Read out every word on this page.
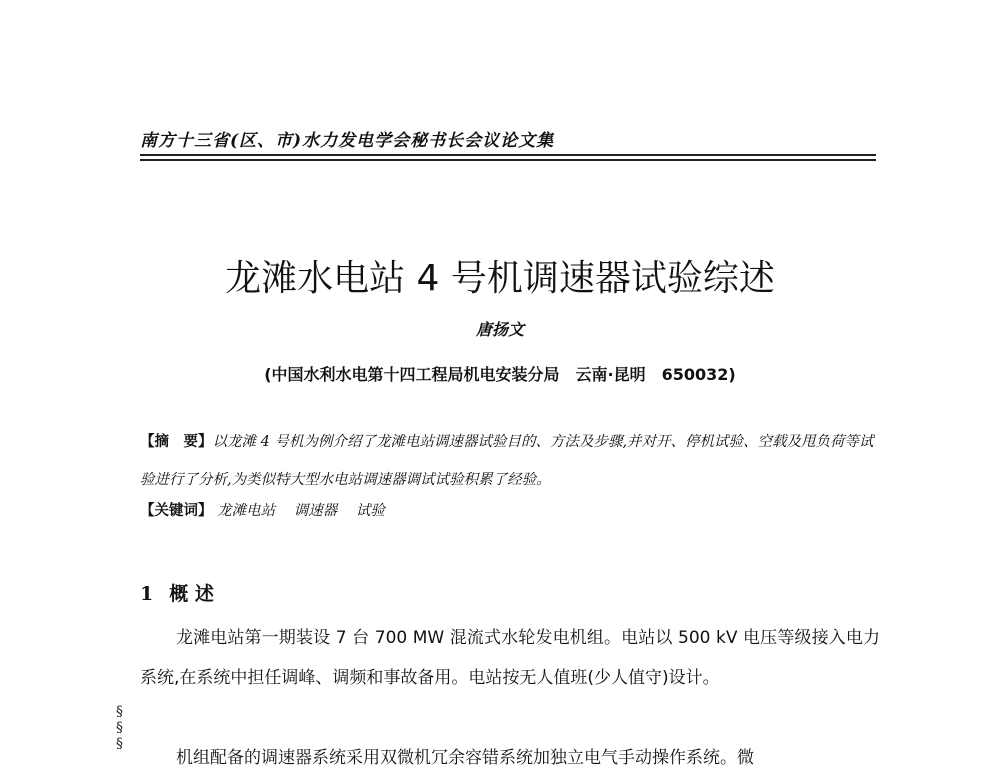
南方十三省(区、市)水力发电学会秘书长会议论文集
龙滩水电站 4 号机调速器试验综述
唐扬文
(中国水利水电第十四工程局机电安装分局　云南·昆明　650032)
【摘　要】以龙滩 4 号机为例介绍了龙滩电站调速器试验目的、方法及步骤,并对开、停机试验、空载及甩负荷等试验进行了分析,为类似特大型水电站调速器调试试验积累了经验。
【关键词】 龙滩电站 调速器 试验
1 概 述

龙滩电站第一期装设 7 台 700 MW 混流式水轮发电机组。电站以 500 kV 电压等级接入电力系统,在系统中担任调峰、调频和事故备用。电站按无人值班(少人值守)设计。

机组配备的调速器系统采用双微机冗余容错系统加独立电气手动操作系统。微

§
§
§
